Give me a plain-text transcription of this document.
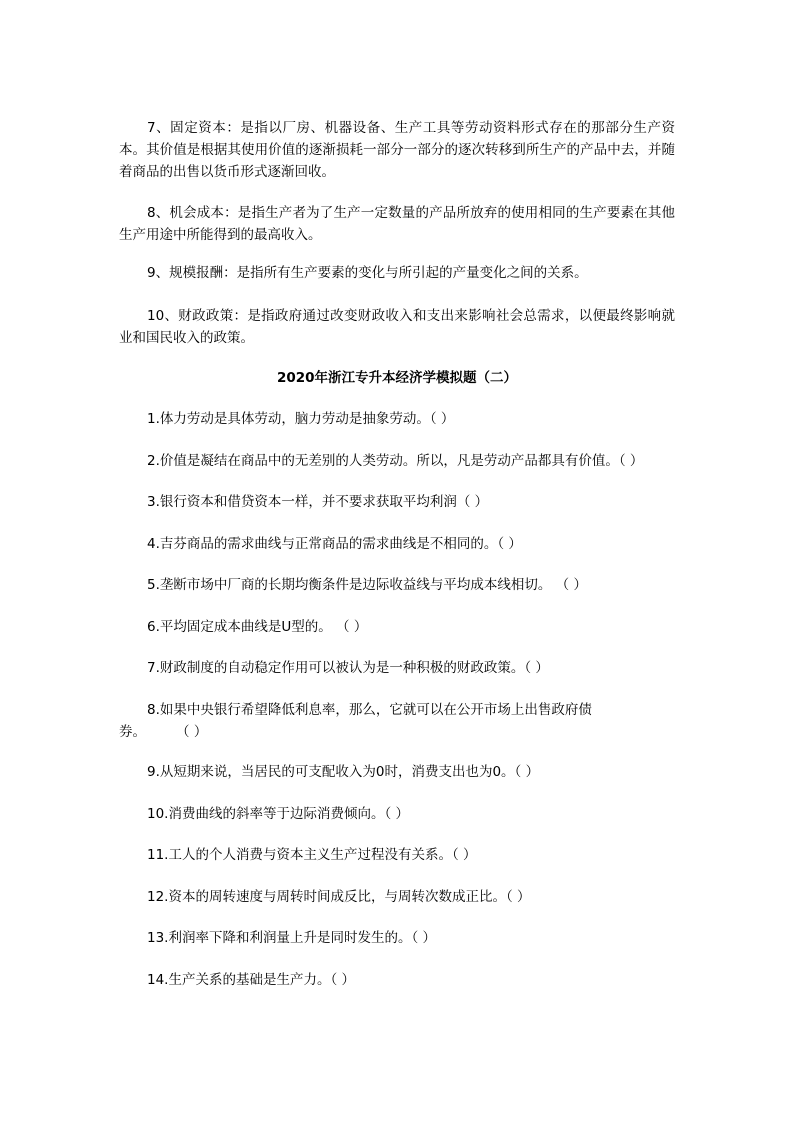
7、固定资本：是指以厂房、机器设备、生产工具等劳动资料形式存在的那部分生产资本。其价值是根据其使用价值的逐渐损耗一部分一部分的逐次转移到所生产的产品中去，并随着商品的出售以货币形式逐渐回收。

8、机会成本：是指生产者为了生产一定数量的产品所放弃的使用相同的生产要素在其他生产用途中所能得到的最高收入。

9、规模报酬：是指所有生产要素的变化与所引起的产量变化之间的关系。

10、财政政策：是指政府通过改变财政收入和支出来影响社会总需求，以便最终影响就业和国民收入的政策。

2020年浙江专升本经济学模拟题（二）

1.体力劳动是具体劳动，脑力劳动是抽象劳动。（ ）

2.价值是凝结在商品中的无差别的人类劳动。所以，凡是劳动产品都具有价值。（ ）

3.银行资本和借贷资本一样，并不要求获取平均利润（ ）

4.吉芬商品的需求曲线与正常商品的需求曲线是不相同的。（ ）

5.垄断市场中厂商的长期均衡条件是边际收益线与平均成本线相切。 （ ）

6.平均固定成本曲线是U型的。 （ ）

7.财政制度的自动稳定作用可以被认为是一种积极的财政政策。（ ）

8.如果中央银行希望降低利息率，那么，它就可以在公开市场上出售政府债券。 （ ）

9.从短期来说，当居民的可支配收入为0时，消费支出也为0。（ ）

10.消费曲线的斜率等于边际消费倾向。（ ）

11.工人的个人消费与资本主义生产过程没有关系。（ ）

12.资本的周转速度与周转时间成反比，与周转次数成正比。（ ）

13.利润率下降和利润量上升是同时发生的。（ ）

14.生产关系的基础是生产力。（ ）
